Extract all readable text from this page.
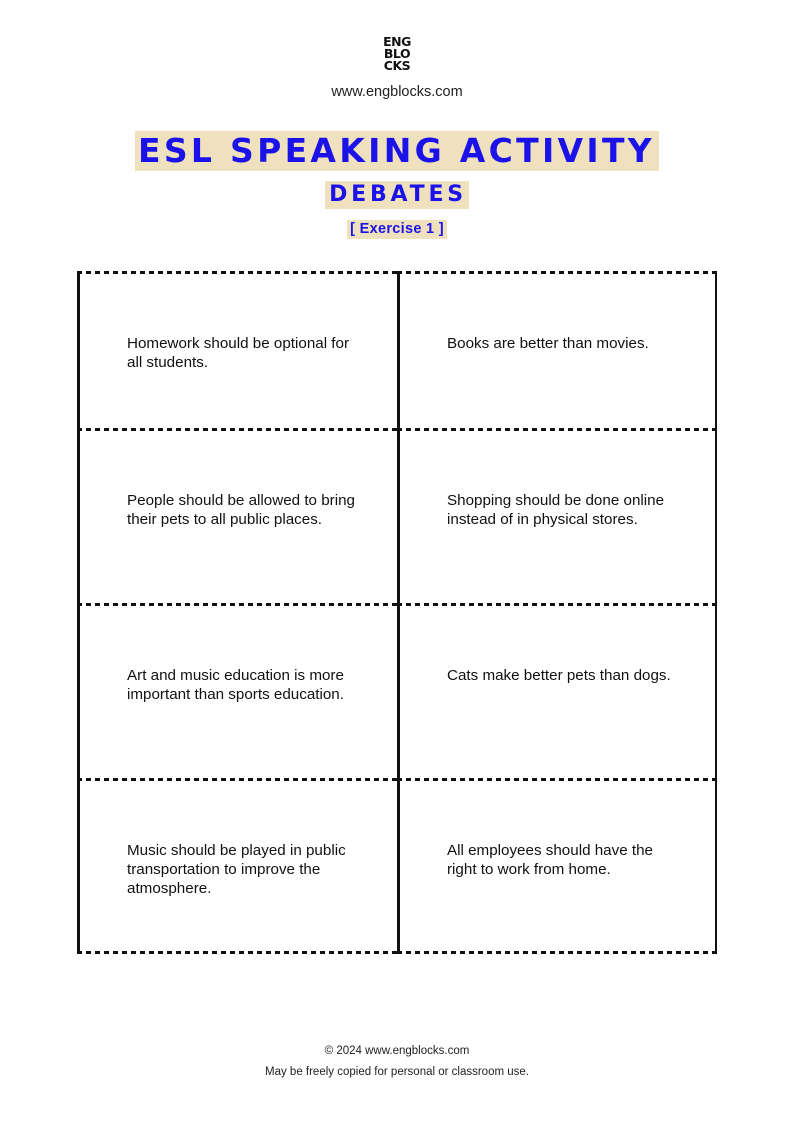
ENG
BLO
CKS
www.engblocks.com
ESL SPEAKING ACTIVITY
DEBATES
[ Exercise 1 ]
Homework should be optional for all students.
Books are better than movies.
People should be allowed to bring their pets to all public places.
Shopping should be done online instead of in physical stores.
Art and music education is more important than sports education.
Cats make better pets than dogs.
Music should be played in public transportation to improve the atmosphere.
All employees should have the right to work from home.
© 2024 www.engblocks.com
May be freely copied for personal or classroom use.
